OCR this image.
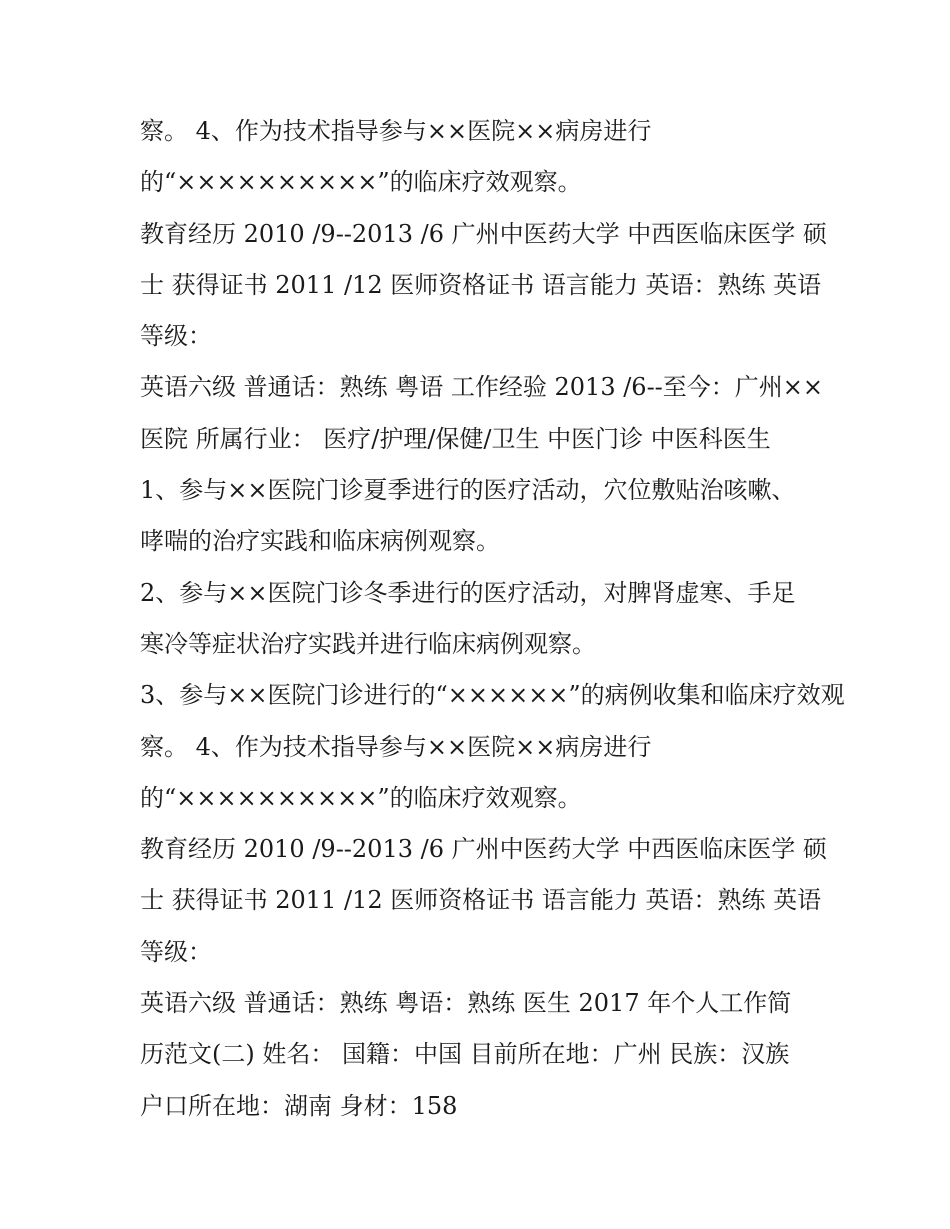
察。 4、作为技术指导参与××医院××病房进行
的“××××××××××”的临床疗效观察。
教育经历 2010 /9--2013 /6 广州中医药大学 中西医临床医学 硕
士 获得证书 2011 /12 医师资格证书 语言能力 英语：熟练 英语
等级：
英语六级 普通话：熟练 粤语 工作经验 2013 /6--至今：广州××
医院 所属行业： 医疗/护理/保健/卫生 中医门诊 中医科医生
1、参与××医院门诊夏季进行的医疗活动，穴位敷贴治咳嗽、
哮喘的治疗实践和临床病例观察。
2、参与××医院门诊冬季进行的医疗活动，对脾肾虚寒、手足
寒冷等症状治疗实践并进行临床病例观察。
3、参与××医院门诊进行的“××××××”的病例收集和临床疗效观
察。 4、作为技术指导参与××医院××病房进行
的“××××××××××”的临床疗效观察。
教育经历 2010 /9--2013 /6 广州中医药大学 中西医临床医学 硕
士 获得证书 2011 /12 医师资格证书 语言能力 英语：熟练 英语
等级：
英语六级 普通话：熟练 粤语：熟练 医生 2017 年个人工作简
历范文(二) 姓名： 国籍：中国 目前所在地：广州 民族：汉族
户口所在地：湖南 身材：158
